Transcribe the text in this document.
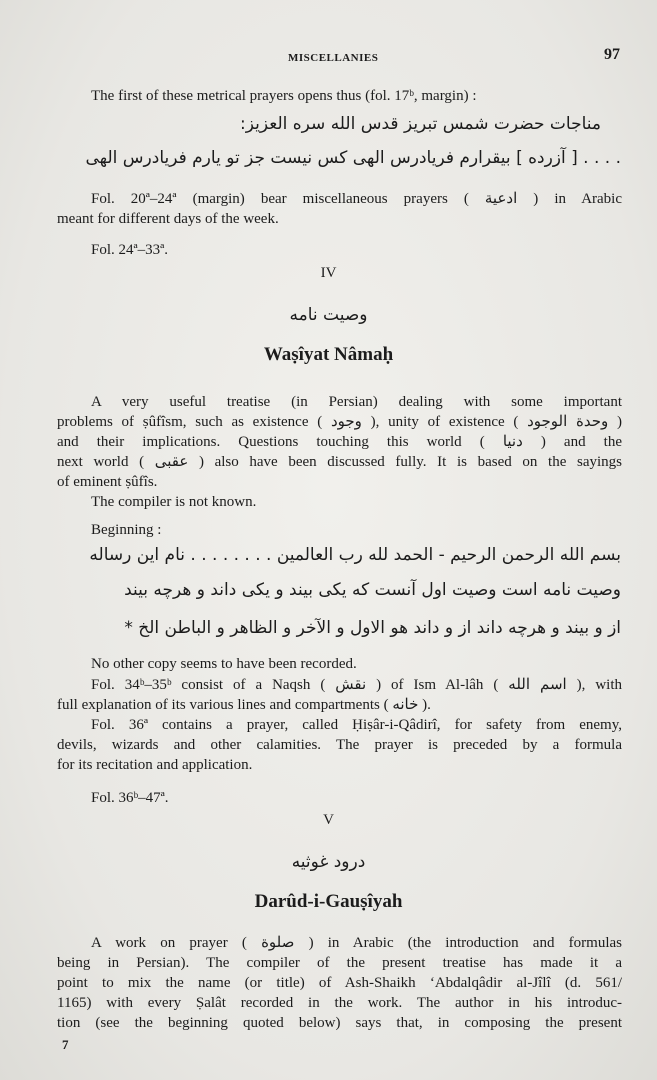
MISCELLANIES	97
The first of these metrical prayers opens thus (fol. 17ᵇ, margin) :
مناجات حضرت شمس تبریز قدس الله سره العزیز:
. . . . [ آزرده ] بیقرارم فریادرس الهی کس نیست جز تو یارم فریادرس الهی
Fol. 20ª–24ª (margin) bear miscellaneous prayers ( ادعية ) in Arabic
meant for different days of the week.
Fol. 24ª–33ª.
IV
وصیت نامه
Waṣîyat Nâmaḥ
A very useful treatise (in Persian) dealing with some important
problems of ṣûfîsm, such as existence ( وجود ), unity of existence ( وحدة الوجود )
and their implications. Questions touching this world ( دنیا ) and the
next world ( عقبی ) also have been discussed fully. It is based on the sayings
of eminent ṣûfîs.
The compiler is not known.
Beginning :
بسم الله الرحمن الرحیم - الحمد لله رب العالمین . . . . . . . . نام این رساله
وصیت نامه است وصیت اول آنست که یکی بیند و یکی داند و هرچه بیند
از و بیند و هرچه داند از و داند هو الاول و الآخر و الظاهر و الباطن الخ *
No other copy seems to have been recorded.
Fol. 34ᵇ–35ᵇ consist of a Naqsh ( نقش ) of Ism Al-lâh ( اسم الله ), with
full explanation of its various lines and compartments ( خانه ).
Fol. 36ª contains a prayer, called Ḥiṣâr-i-Qâdirî, for safety from enemy,
devils, wizards and other calamities. The prayer is preceded by a formula
for its recitation and application.
Fol. 36ᵇ–47ª.
V
درود غوثیه
Darûd-i-Gauṣîyah
A work on prayer ( صلوة ) in Arabic (the introduction and formulas
being in Persian). The compiler of the present treatise has made it a
point to mix the name (or title) of Ash-Shaikh ‘Abdalqâdir al-Jîlî (d. 561/
1165) with every Ṣalât recorded in the work. The author in his introduc-
tion (see the beginning quoted below) says that, in composing the present
7
